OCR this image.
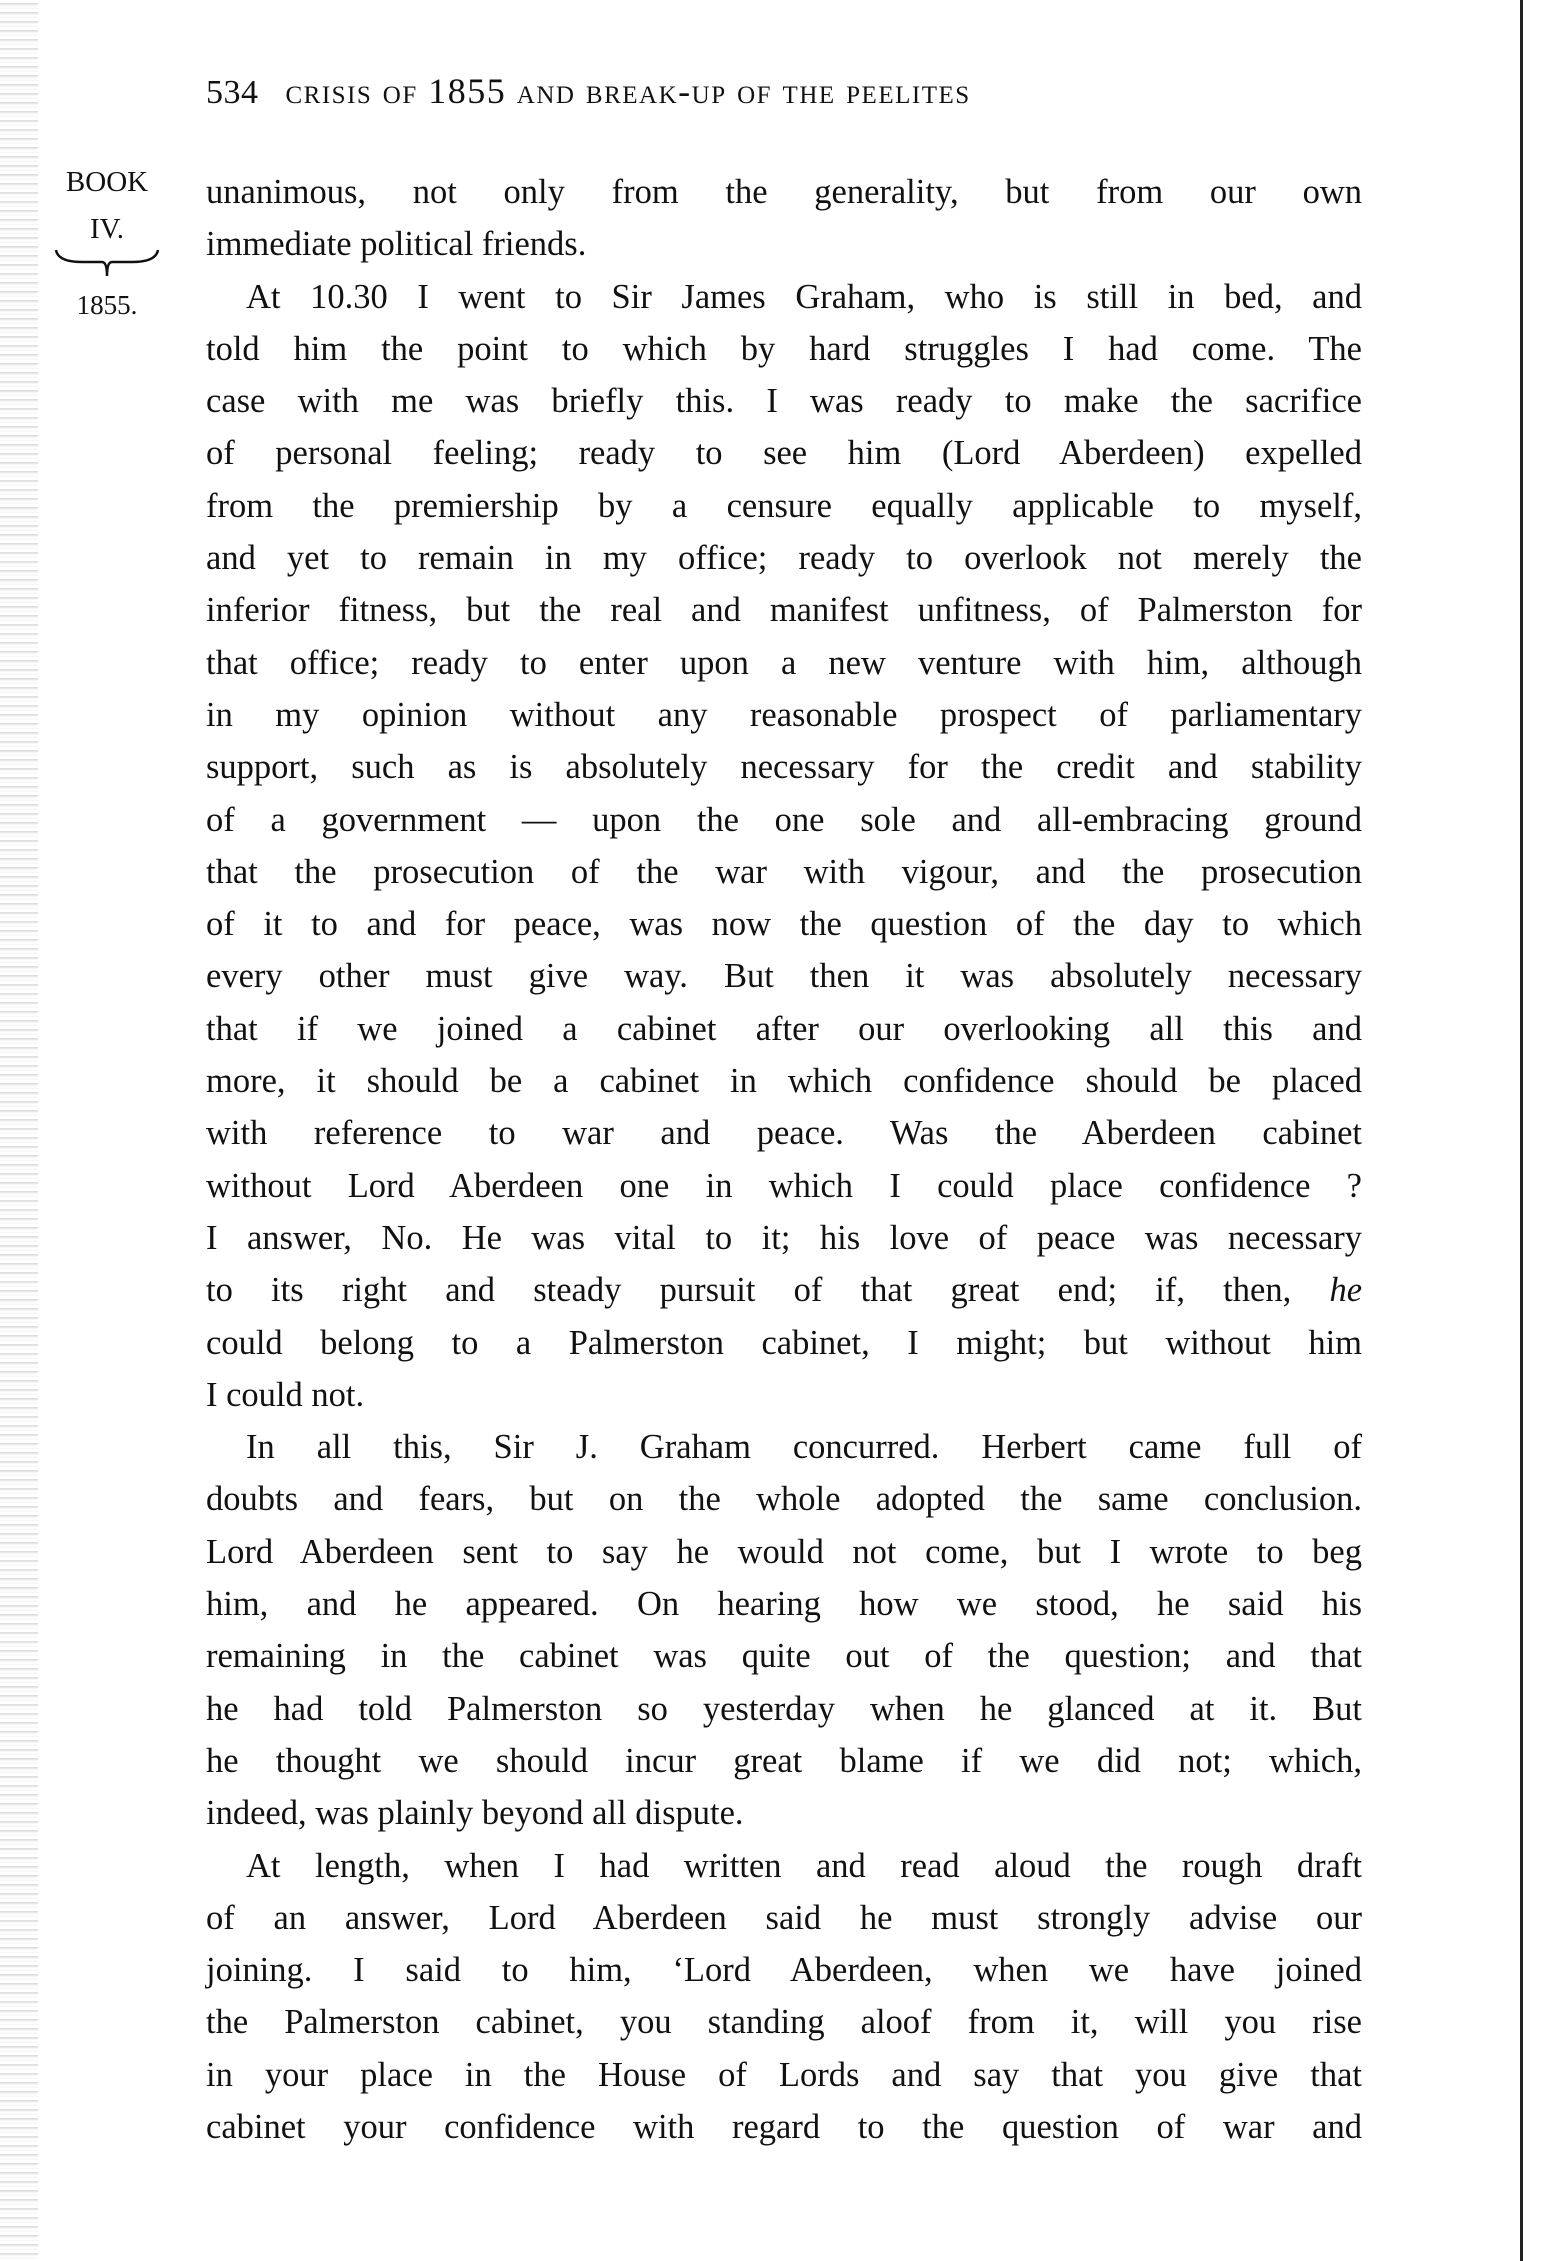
534 crisis of 1855 and break-up of the peelites
BOOK
IV.
1855.
unanimous, not only from the generality, but from our own
immediate political friends.
At 10.30 I went to Sir James Graham, who is still in bed, and
told him the point to which by hard struggles I had come. The
case with me was briefly this. I was ready to make the sacrifice
of personal feeling; ready to see him (Lord Aberdeen) expelled
from the premiership by a censure equally applicable to myself,
and yet to remain in my office; ready to overlook not merely the
inferior fitness, but the real and manifest unfitness, of Palmerston for
that office; ready to enter upon a new venture with him, although
in my opinion without any reasonable prospect of parliamentary
support, such as is absolutely necessary for the credit and stability
of a government — upon the one sole and all-embracing ground
that the prosecution of the war with vigour, and the prosecution
of it to and for peace, was now the question of the day to which
every other must give way. But then it was absolutely necessary
that if we joined a cabinet after our overlooking all this and
more, it should be a cabinet in which confidence should be placed
with reference to war and peace. Was the Aberdeen cabinet
without Lord Aberdeen one in which I could place confidence ?
I answer, No. He was vital to it; his love of peace was necessary
to its right and steady pursuit of that great end; if, then, he
could belong to a Palmerston cabinet, I might; but without him
I could not.
In all this, Sir J. Graham concurred. Herbert came full of
doubts and fears, but on the whole adopted the same conclusion.
Lord Aberdeen sent to say he would not come, but I wrote to beg
him, and he appeared. On hearing how we stood, he said his
remaining in the cabinet was quite out of the question; and that
he had told Palmerston so yesterday when he glanced at it. But
he thought we should incur great blame if we did not; which,
indeed, was plainly beyond all dispute.
At length, when I had written and read aloud the rough draft
of an answer, Lord Aberdeen said he must strongly advise our
joining. I said to him, ‘Lord Aberdeen, when we have joined
the Palmerston cabinet, you standing aloof from it, will you rise
in your place in the House of Lords and say that you give that
cabinet your confidence with regard to the question of war and
